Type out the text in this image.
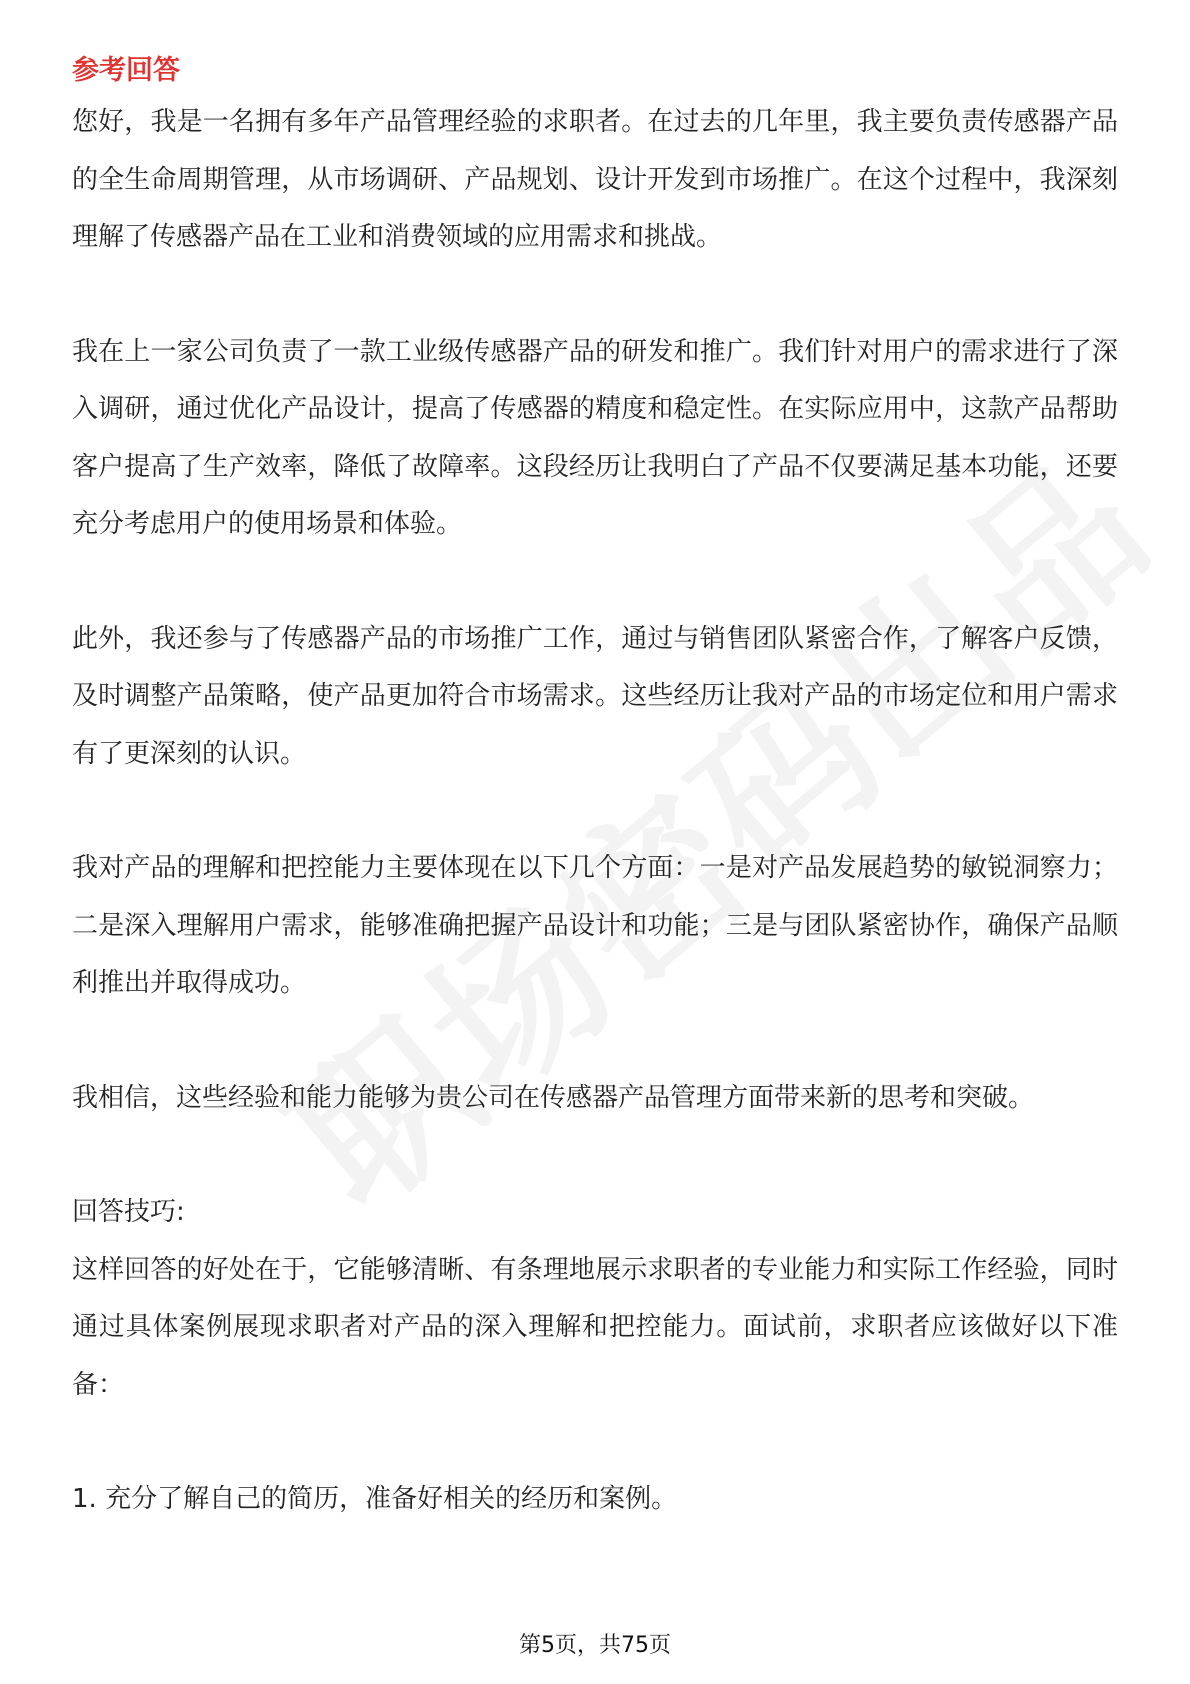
参考回答

您好，我是一名拥有多年产品管理经验的求职者。在过去的几年里，我主要负责传感器产品的全生命周期管理，从市场调研、产品规划、设计开发到市场推广。在这个过程中，我深刻理解了传感器产品在工业和消费领域的应用需求和挑战。

我在上一家公司负责了一款工业级传感器产品的研发和推广。我们针对用户的需求进行了深入调研，通过优化产品设计，提高了传感器的精度和稳定性。在实际应用中，这款产品帮助客户提高了生产效率，降低了故障率。这段经历让我明白了产品不仅要满足基本功能，还要充分考虑用户的使用场景和体验。

此外，我还参与了传感器产品的市场推广工作，通过与销售团队紧密合作，了解客户反馈，及时调整产品策略，使产品更加符合市场需求。这些经历让我对产品的市场定位和用户需求有了更深刻的认识。

我对产品的理解和把控能力主要体现在以下几个方面：一是对产品发展趋势的敏锐洞察力；二是深入理解用户需求，能够准确把握产品设计和功能；三是与团队紧密协作，确保产品顺利推出并取得成功。

我相信，这些经验和能力能够为贵公司在传感器产品管理方面带来新的思考和突破。

回答技巧:

这样回答的好处在于，它能够清晰、有条理地展示求职者的专业能力和实际工作经验，同时通过具体案例展现求职者对产品的深入理解和把控能力。面试前，求职者应该做好以下准备：

1. 充分了解自己的简历，准备好相关的经历和案例。

第5页，共75页
